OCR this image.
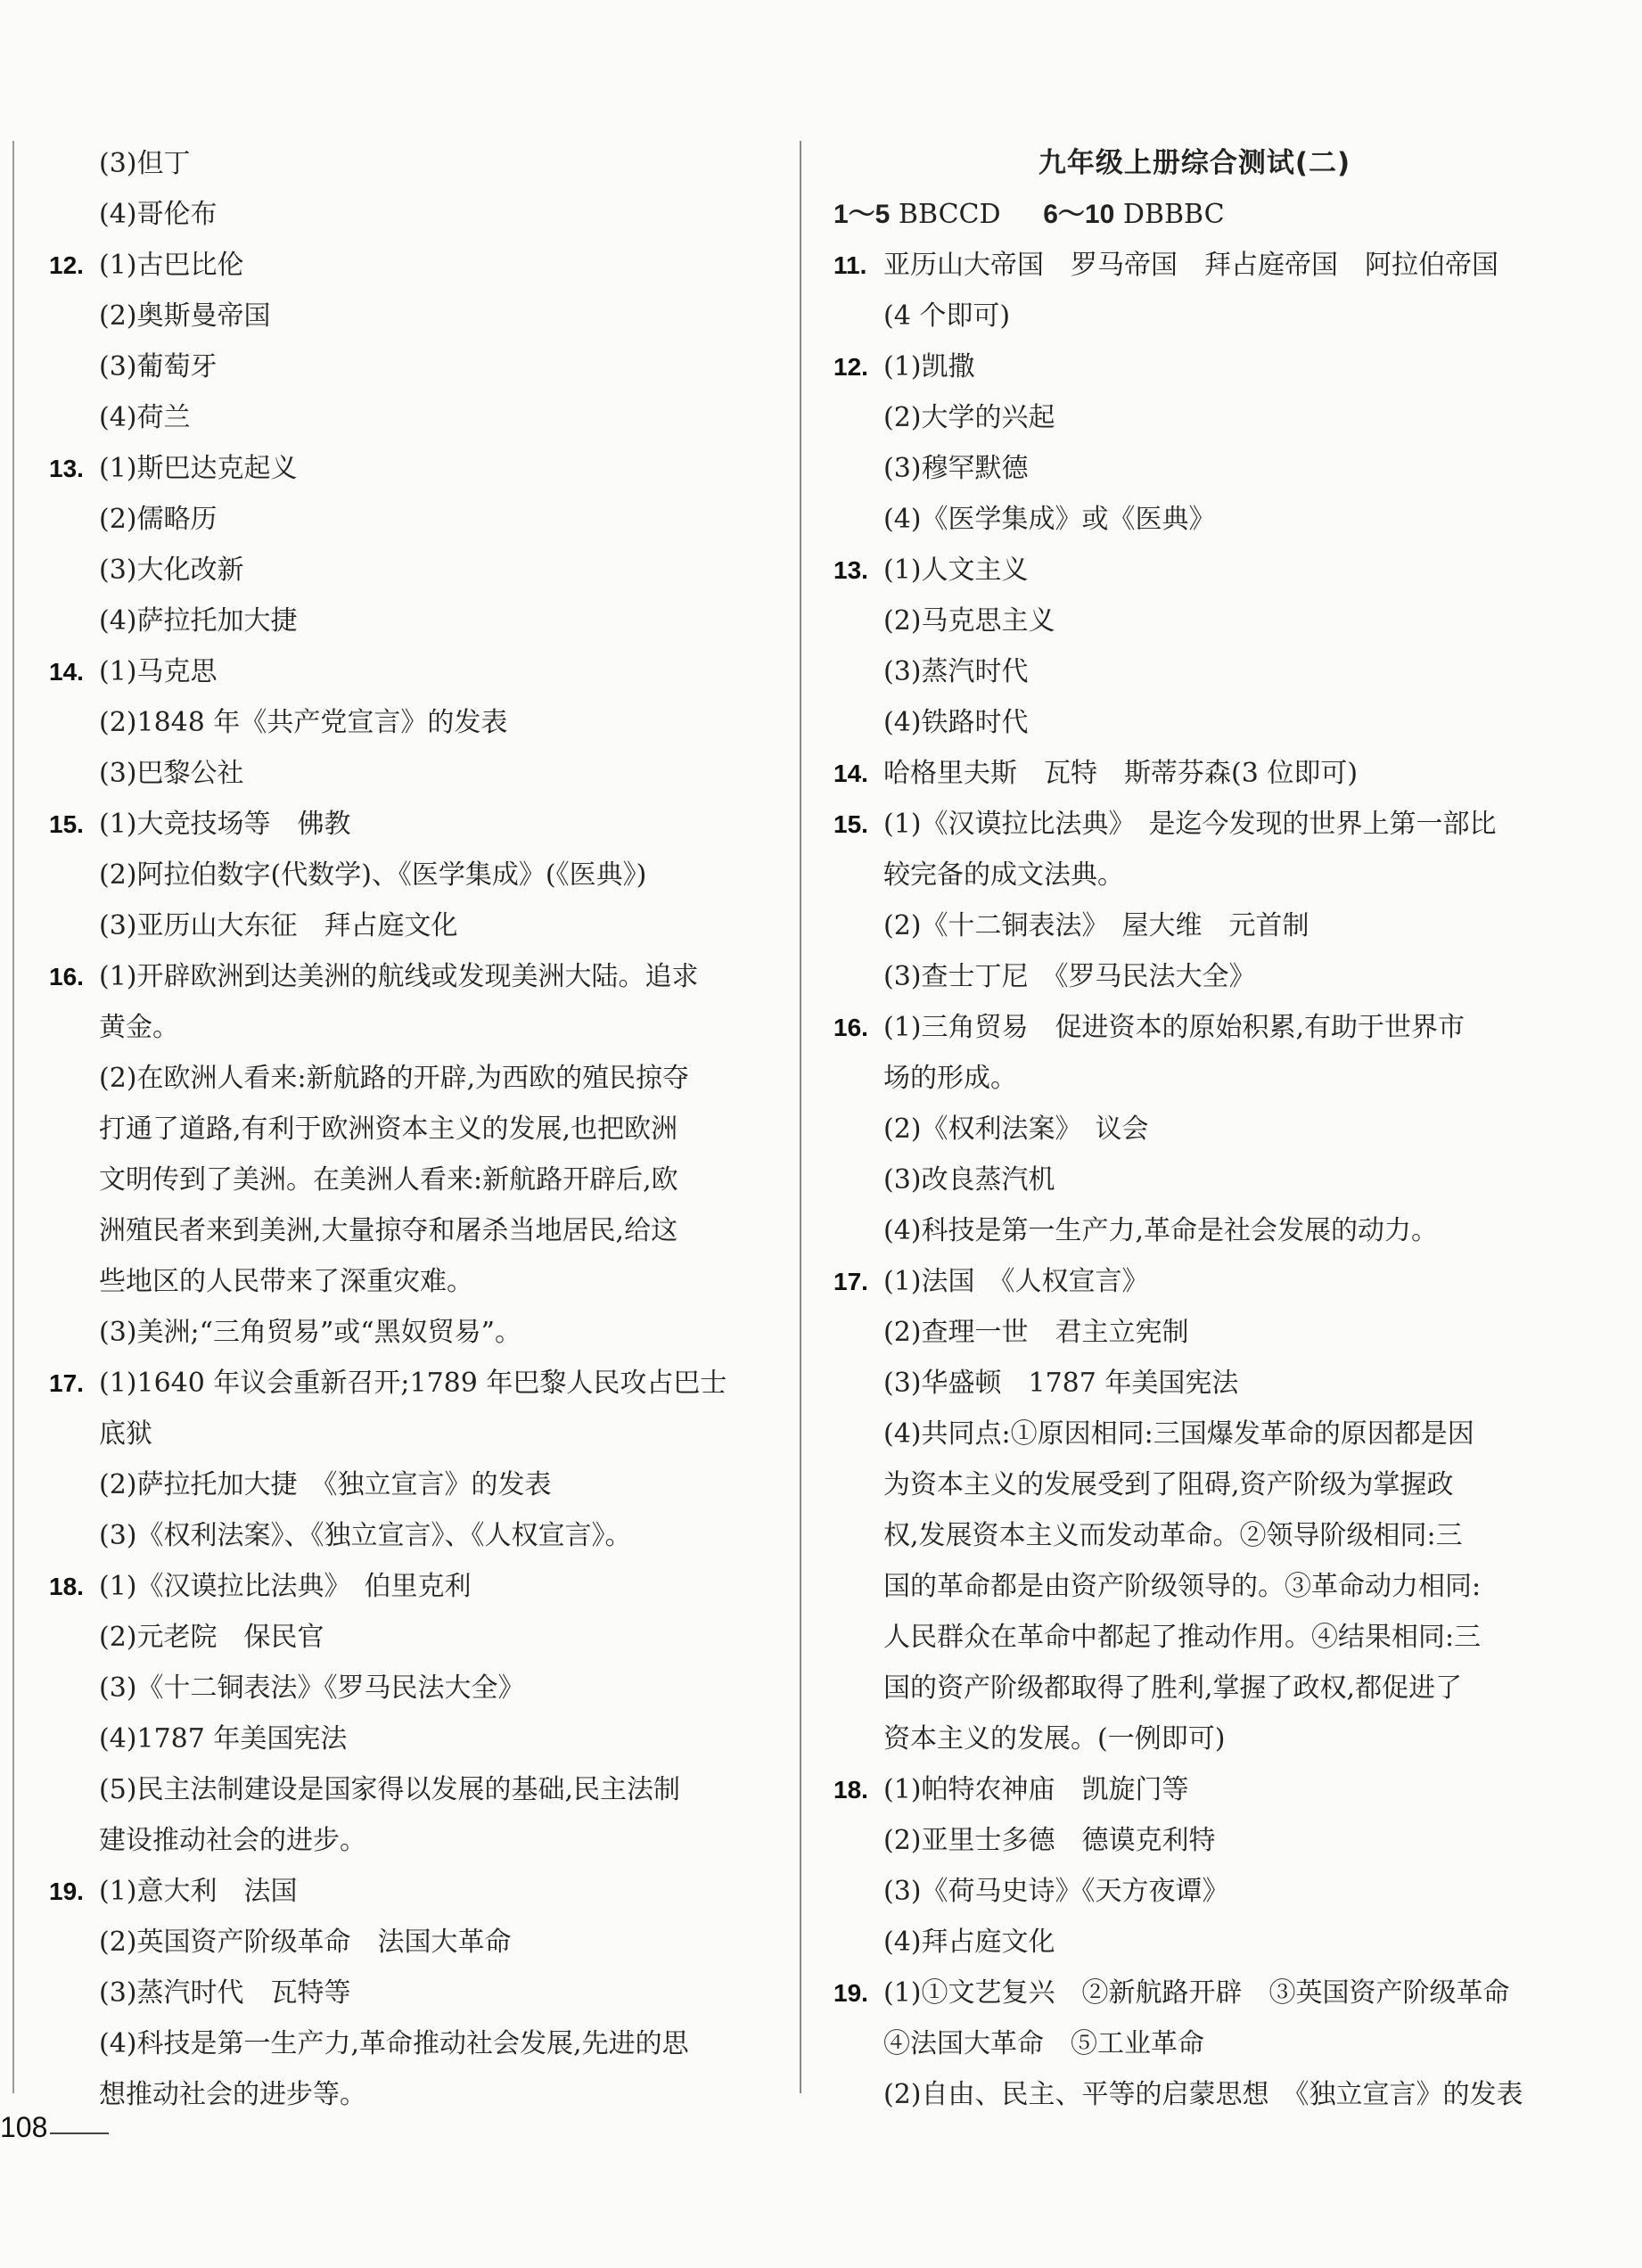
(3)但丁
(4)哥伦布
12. (1)古巴比伦
(2)奥斯曼帝国
(3)葡萄牙
(4)荷兰
13. (1)斯巴达克起义
(2)儒略历
(3)大化改新
(4)萨拉托加大捷
14. (1)马克思
(2)1848 年《共产党宣言》的发表
(3)巴黎公社
15. (1)大竞技场等　佛教
(2)阿拉伯数字(代数学)、《医学集成》(《医典》)
(3)亚历山大东征　拜占庭文化
16. (1)开辟欧洲到达美洲的航线或发现美洲大陆。追求
黄金。
(2)在欧洲人看来:新航路的开辟,为西欧的殖民掠夺
打通了道路,有利于欧洲资本主义的发展,也把欧洲
文明传到了美洲。在美洲人看来:新航路开辟后,欧
洲殖民者来到美洲,大量掠夺和屠杀当地居民,给这
些地区的人民带来了深重灾难。
(3)美洲;“三角贸易”或“黑奴贸易”。
17. (1)1640 年议会重新召开;1789 年巴黎人民攻占巴士
底狱
(2)萨拉托加大捷　《独立宣言》的发表
(3)《权利法案》、《独立宣言》、《人权宣言》。
18. (1)《汉谟拉比法典》　伯里克利
(2)元老院　保民官
(3)《十二铜表法》《罗马民法大全》
(4)1787 年美国宪法
(5)民主法制建设是国家得以发展的基础,民主法制
建设推动社会的进步。
19. (1)意大利　法国
(2)英国资产阶级革命　法国大革命
(3)蒸汽时代　瓦特等
(4)科技是第一生产力,革命推动社会发展,先进的思
想推动社会的进步等。
九年级上册综合测试(二)
1～5 BBCCD 6～10 DBBBC
11. 亚历山大帝国　罗马帝国　拜占庭帝国　阿拉伯帝国
(4 个即可)
12. (1)凯撒
(2)大学的兴起
(3)穆罕默德
(4)《医学集成》或《医典》
13. (1)人文主义
(2)马克思主义
(3)蒸汽时代
(4)铁路时代
14. 哈格里夫斯　瓦特　斯蒂芬森(3 位即可)
15. (1)《汉谟拉比法典》　是迄今发现的世界上第一部比
较完备的成文法典。
(2)《十二铜表法》　屋大维　元首制
(3)查士丁尼　《罗马民法大全》
16. (1)三角贸易　促进资本的原始积累,有助于世界市
场的形成。
(2)《权利法案》　议会
(3)改良蒸汽机
(4)科技是第一生产力,革命是社会发展的动力。
17. (1)法国　《人权宣言》
(2)查理一世　君主立宪制
(3)华盛顿　1787 年美国宪法
(4)共同点:①原因相同:三国爆发革命的原因都是因
为资本主义的发展受到了阻碍,资产阶级为掌握政
权,发展资本主义而发动革命。②领导阶级相同:三
国的革命都是由资产阶级领导的。③革命动力相同:
人民群众在革命中都起了推动作用。④结果相同:三
国的资产阶级都取得了胜利,掌握了政权,都促进了
资本主义的发展。(一例即可)
18. (1)帕特农神庙　凯旋门等
(2)亚里士多德　德谟克利特
(3)《荷马史诗》《天方夜谭》
(4)拜占庭文化
19. (1)①文艺复兴　②新航路开辟　③英国资产阶级革命
④法国大革命　⑤工业革命
(2)自由、民主、平等的启蒙思想　《独立宣言》的发表
108
